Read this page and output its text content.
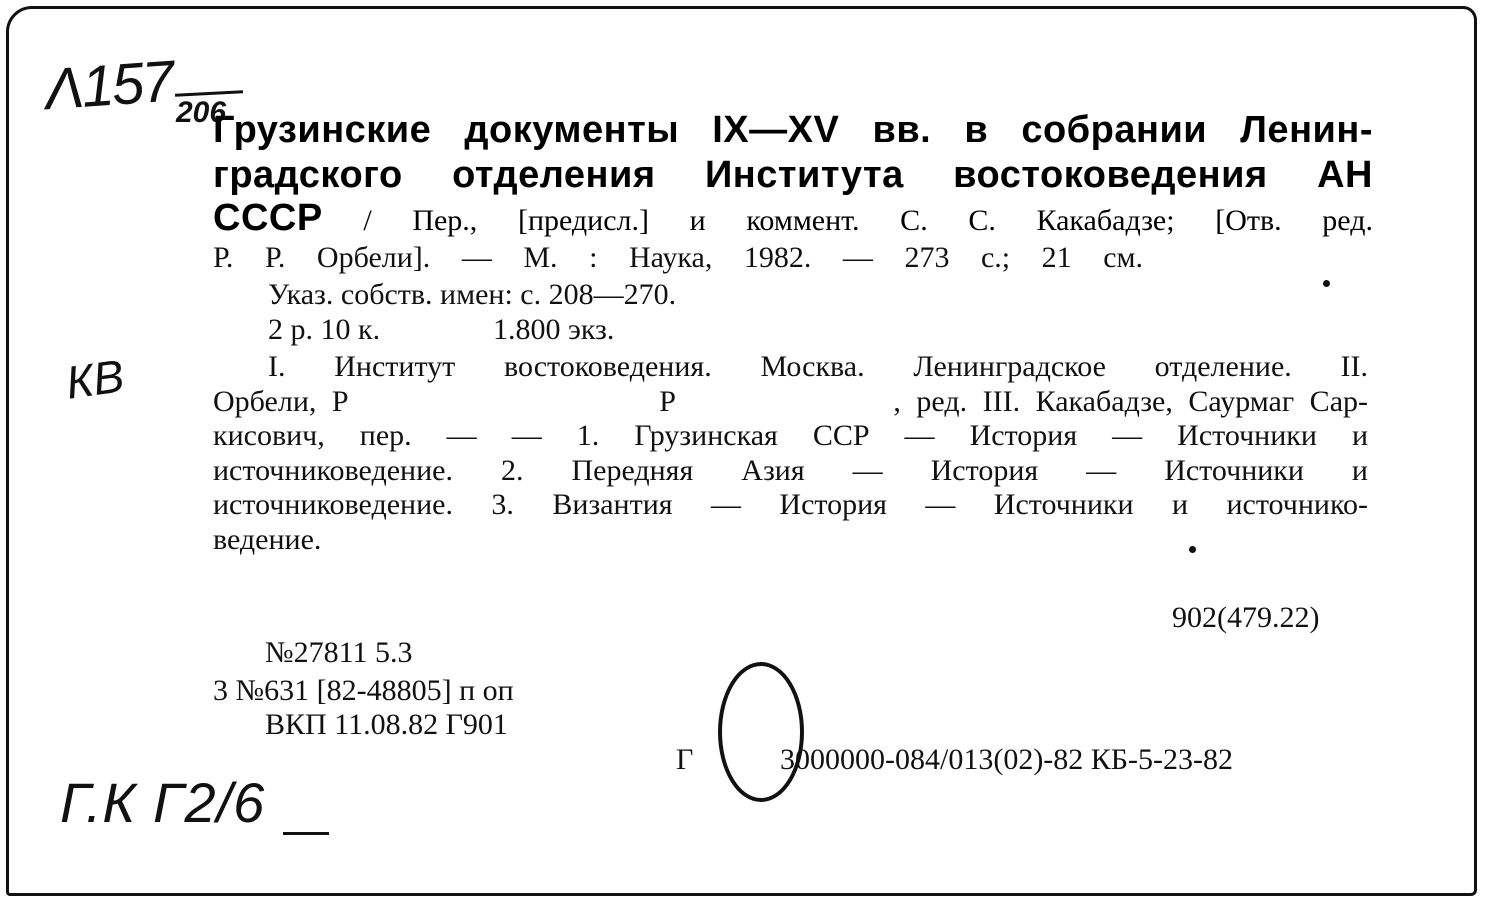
Λ157 206
Грузинские документы IX—XV вв. в собрании Ленин-
градского отделения Института востоковедения АН
СССР / Пер., [предисл.] и коммент. С. С. Какабадзе; [Отв. ред.
Р. Р. Орбели]. — М. : Наука, 1982. — 273 с.; 21 см.
Указ. собств. имен: с. 208—270.
2 р. 10 к.	1.800 экз.
КВ	I. Институт востоковедения. Москва. Ленинградское отделение. II.
Орбели, Р                    Р              , ред. III. Какабадзе, Саурмаг Сар-
кисович, пер. — — 1. Грузинская ССР — История — Источники и
источниковедение. 2. Передняя Азия — История — Источники и
источниковедение. 3. Византия — История — Источники и источнико-
ведение.
902(479.22)
№27811 5.3
3 №631 [82-48805] п оп
ВКП 11.08.82 Г901
Г	3000000-084/013(02)-82 КБ-5-23-82
Г.К Г2/6
